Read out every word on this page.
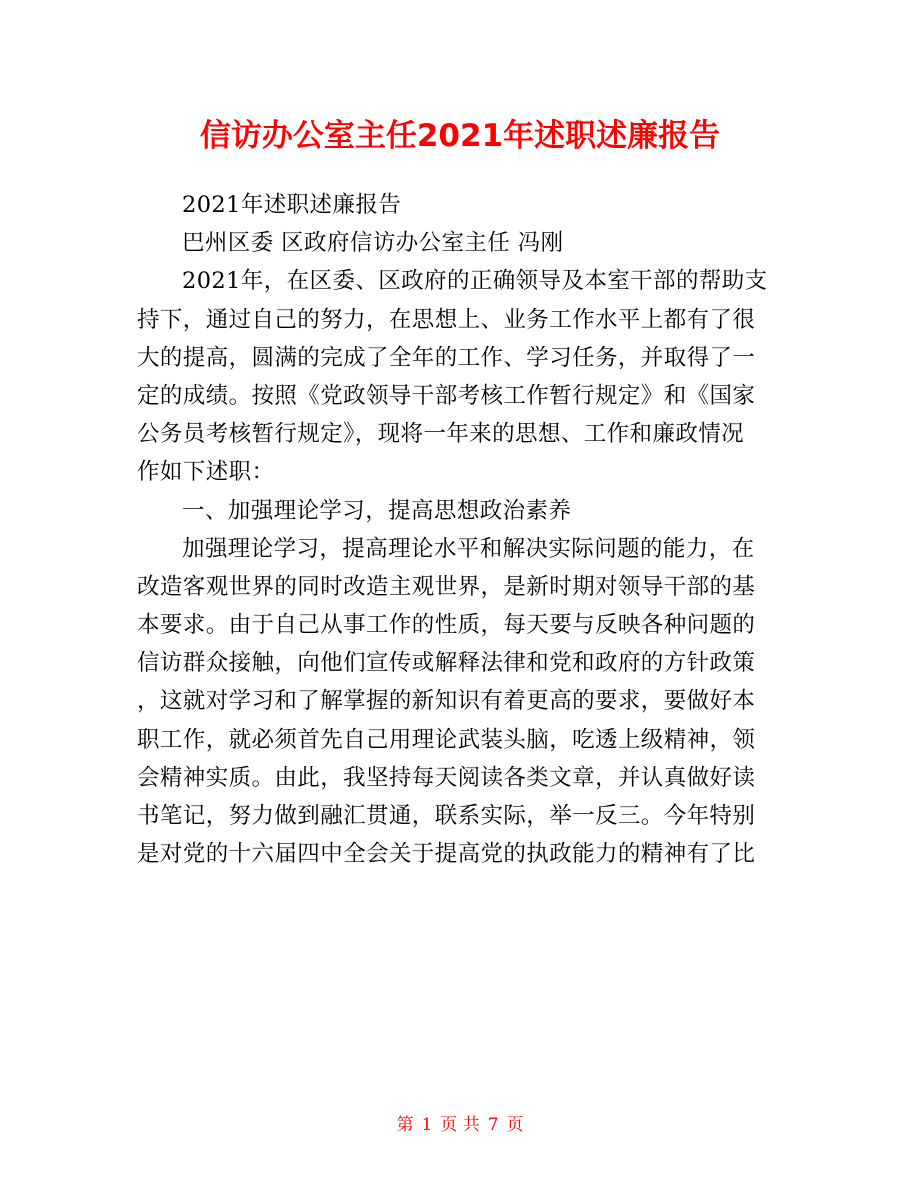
信访办公室主任2021年述职述廉报告
2021年述职述廉报告
巴州区委 区政府信访办公室主任 冯刚
2021年，在区委、区政府的正确领导及本室干部的帮助支
持下，通过自己的努力，在思想上、业务工作水平上都有了很
大的提高，圆满的完成了全年的工作、学习任务，并取得了一
定的成绩。按照《党政领导干部考核工作暂行规定》和《国家
公务员考核暂行规定》，现将一年来的思想、工作和廉政情况
作如下述职：
一、加强理论学习，提高思想政治素养
加强理论学习，提高理论水平和解决实际问题的能力，在
改造客观世界的同时改造主观世界，是新时期对领导干部的基
本要求。由于自己从事工作的性质，每天要与反映各种问题的
信访群众接触，向他们宣传或解释法律和党和政府的方针政策
，这就对学习和了解掌握的新知识有着更高的要求，要做好本
职工作，就必须首先自己用理论武装头脑，吃透上级精神，领
会精神实质。由此，我坚持每天阅读各类文章，并认真做好读
书笔记，努力做到融汇贯通，联系实际，举一反三。今年特别
是对党的十六届四中全会关于提高党的执政能力的精神有了比
第 1 页 共 7 页
